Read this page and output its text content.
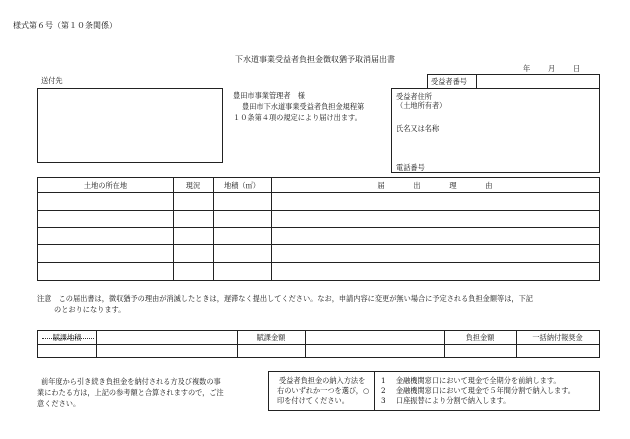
様式第６号（第１０条関係）
下水道事業受益者負担金徴収猶予取消届出書
年 月 日
送付先
豊田市事業管理者　様
豊田市下水道事業受益者負担金規程第
１０条第４項の規定により届け出ます。
受益者番号
受益者住所
（土地所有者）
氏名又は名称
電話番号
土地の所在地	現況	地積（㎡）	届　　　　出　　　　理　　　　由
注意　この届出書は，徴収猶予の理由が消滅したときは，遅滞なく提出してください。なお，申請内容に変更が無い場合に予定される負担金額等は，下記
のとおりになります。
賦課地積	賦課金額	負担金額	一括納付報奨金
前年度から引き続き負担金を納付される方及び複数の事
業にわたる方は，上記の参考額と合算されますので，ご注
意ください。
受益者負担金の納入方法を
右のいずれか一つを選び，○
印を付けてください。
1 金融機関窓口において現金で全期分を前納します。
2 金融機関窓口において現金で５年間分割で納入します。
3 口座振替により分割で納入します。
